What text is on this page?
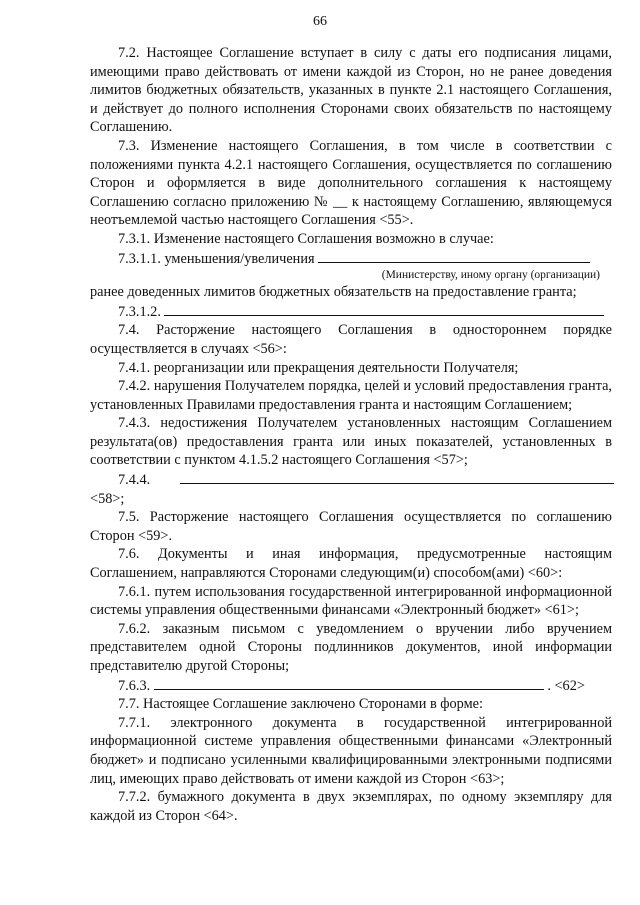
66

7.2. Настоящее Соглашение вступает в силу с даты его подписания лицами, имеющими право действовать от имени каждой из Сторон, но не ранее доведения лимитов бюджетных обязательств, указанных в пункте 2.1 настоящего Соглашения, и действует до полного исполнения Сторонами своих обязательств по настоящему Соглашению.

7.3. Изменение настоящего Соглашения, в том числе в соответствии с положениями пункта 4.2.1 настоящего Соглашения, осуществляется по соглашению Сторон и оформляется в виде дополнительного соглашения к настоящему Соглашению согласно приложению № __ к настоящему Соглашению, являющемуся неотъемлемой частью настоящего Соглашения <55>.

7.3.1. Изменение настоящего Соглашения возможно в случае:

7.3.1.1. уменьшения/увеличения
(Министерству, иному органу (организации)

ранее доведенных лимитов бюджетных обязательств на предоставление гранта;

7.3.1.2.

7.4. Расторжение настоящего Соглашения в одностороннем порядке осуществляется в случаях <56>:

7.4.1. реорганизации или прекращения деятельности Получателя;

7.4.2. нарушения Получателем порядка, целей и условий предоставления гранта, установленных Правилами предоставления гранта и настоящим Соглашением;

7.4.3. недостижения Получателем установленных настоящим Соглашением результата(ов) предоставления гранта или иных показателей, установленных в соответствии с пунктом 4.1.5.2 настоящего Соглашения <57>;

7.4.4.

<58>;

7.5. Расторжение настоящего Соглашения осуществляется по соглашению Сторон <59>.

7.6. Документы и иная информация, предусмотренные настоящим Соглашением, направляются Сторонами следующим(и) способом(ами) <60>:

7.6.1. путем использования государственной интегрированной информационной системы управления общественными финансами «Электронный бюджет» <61>;

7.6.2. заказным письмом с уведомлением о вручении либо вручением представителем одной Стороны подлинников документов, иной информации представителю другой Стороны;

7.6.3.	. <62>

7.7. Настоящее Соглашение заключено Сторонами в форме:

7.7.1. электронного документа в государственной интегрированной информационной системе управления общественными финансами «Электронный бюджет» и подписано усиленными квалифицированными электронными подписями лиц, имеющих право действовать от имени каждой из Сторон <63>;

7.7.2. бумажного документа в двух экземплярах, по одному экземпляру для каждой из Сторон <64>.
